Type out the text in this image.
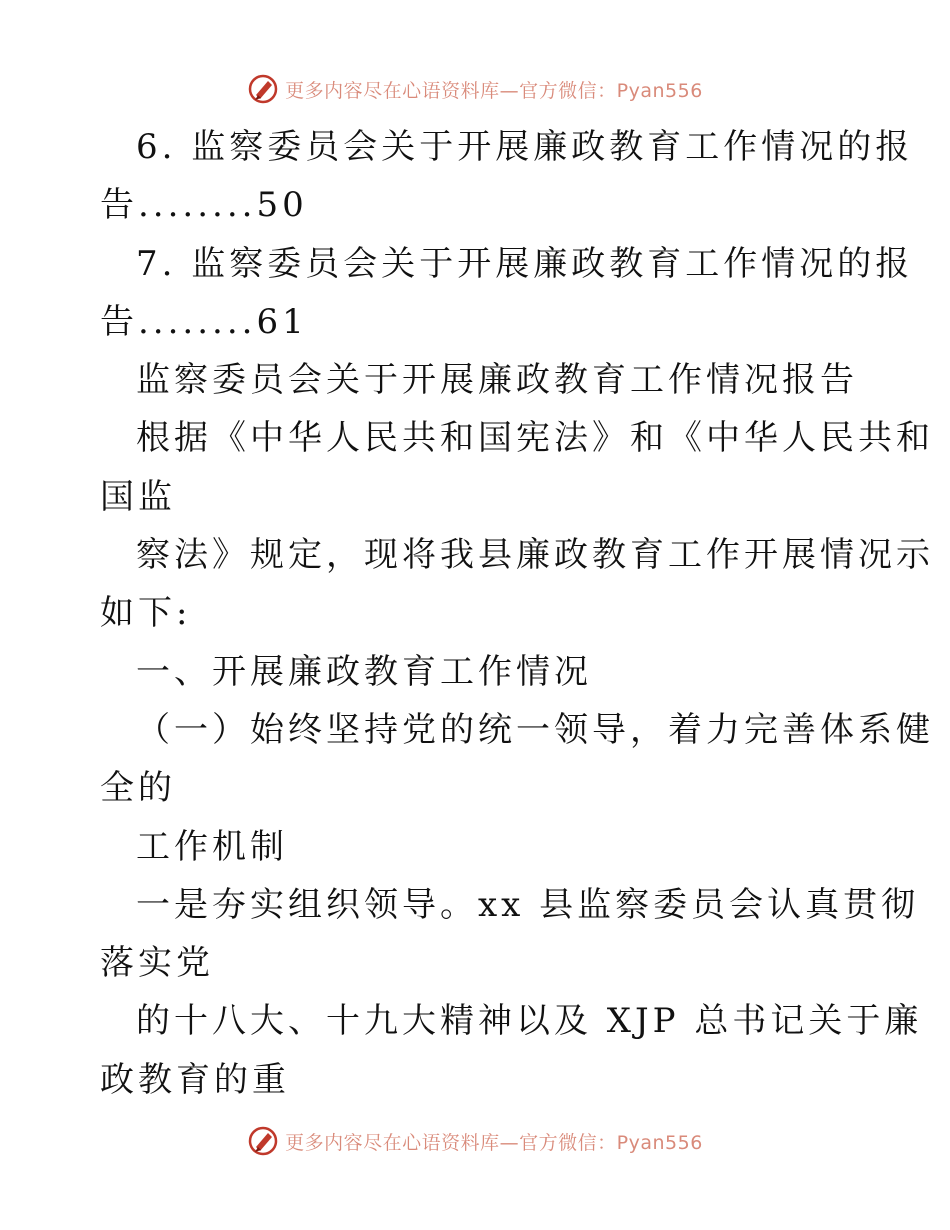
更多内容尽在心语资料库—官方微信：Pyan556
6. 监察委员会关于开展廉政教育工作情况的报
告........50
7. 监察委员会关于开展廉政教育工作情况的报
告........61
监察委员会关于开展廉政教育工作情况报告
根据《中华人民共和国宪法》和《中华人民共和
国监
察法》规定，现将我县廉政教育工作开展情况示
如下:
一、开展廉政教育工作情况
（一）始终坚持党的统一领导，着力完善体系健
全的
工作机制
一是夯实组织领导。xx 县监察委员会认真贯彻
落实党
的十八大、十九大精神以及 XJP 总书记关于廉
政教育的重
更多内容尽在心语资料库—官方微信：Pyan556
